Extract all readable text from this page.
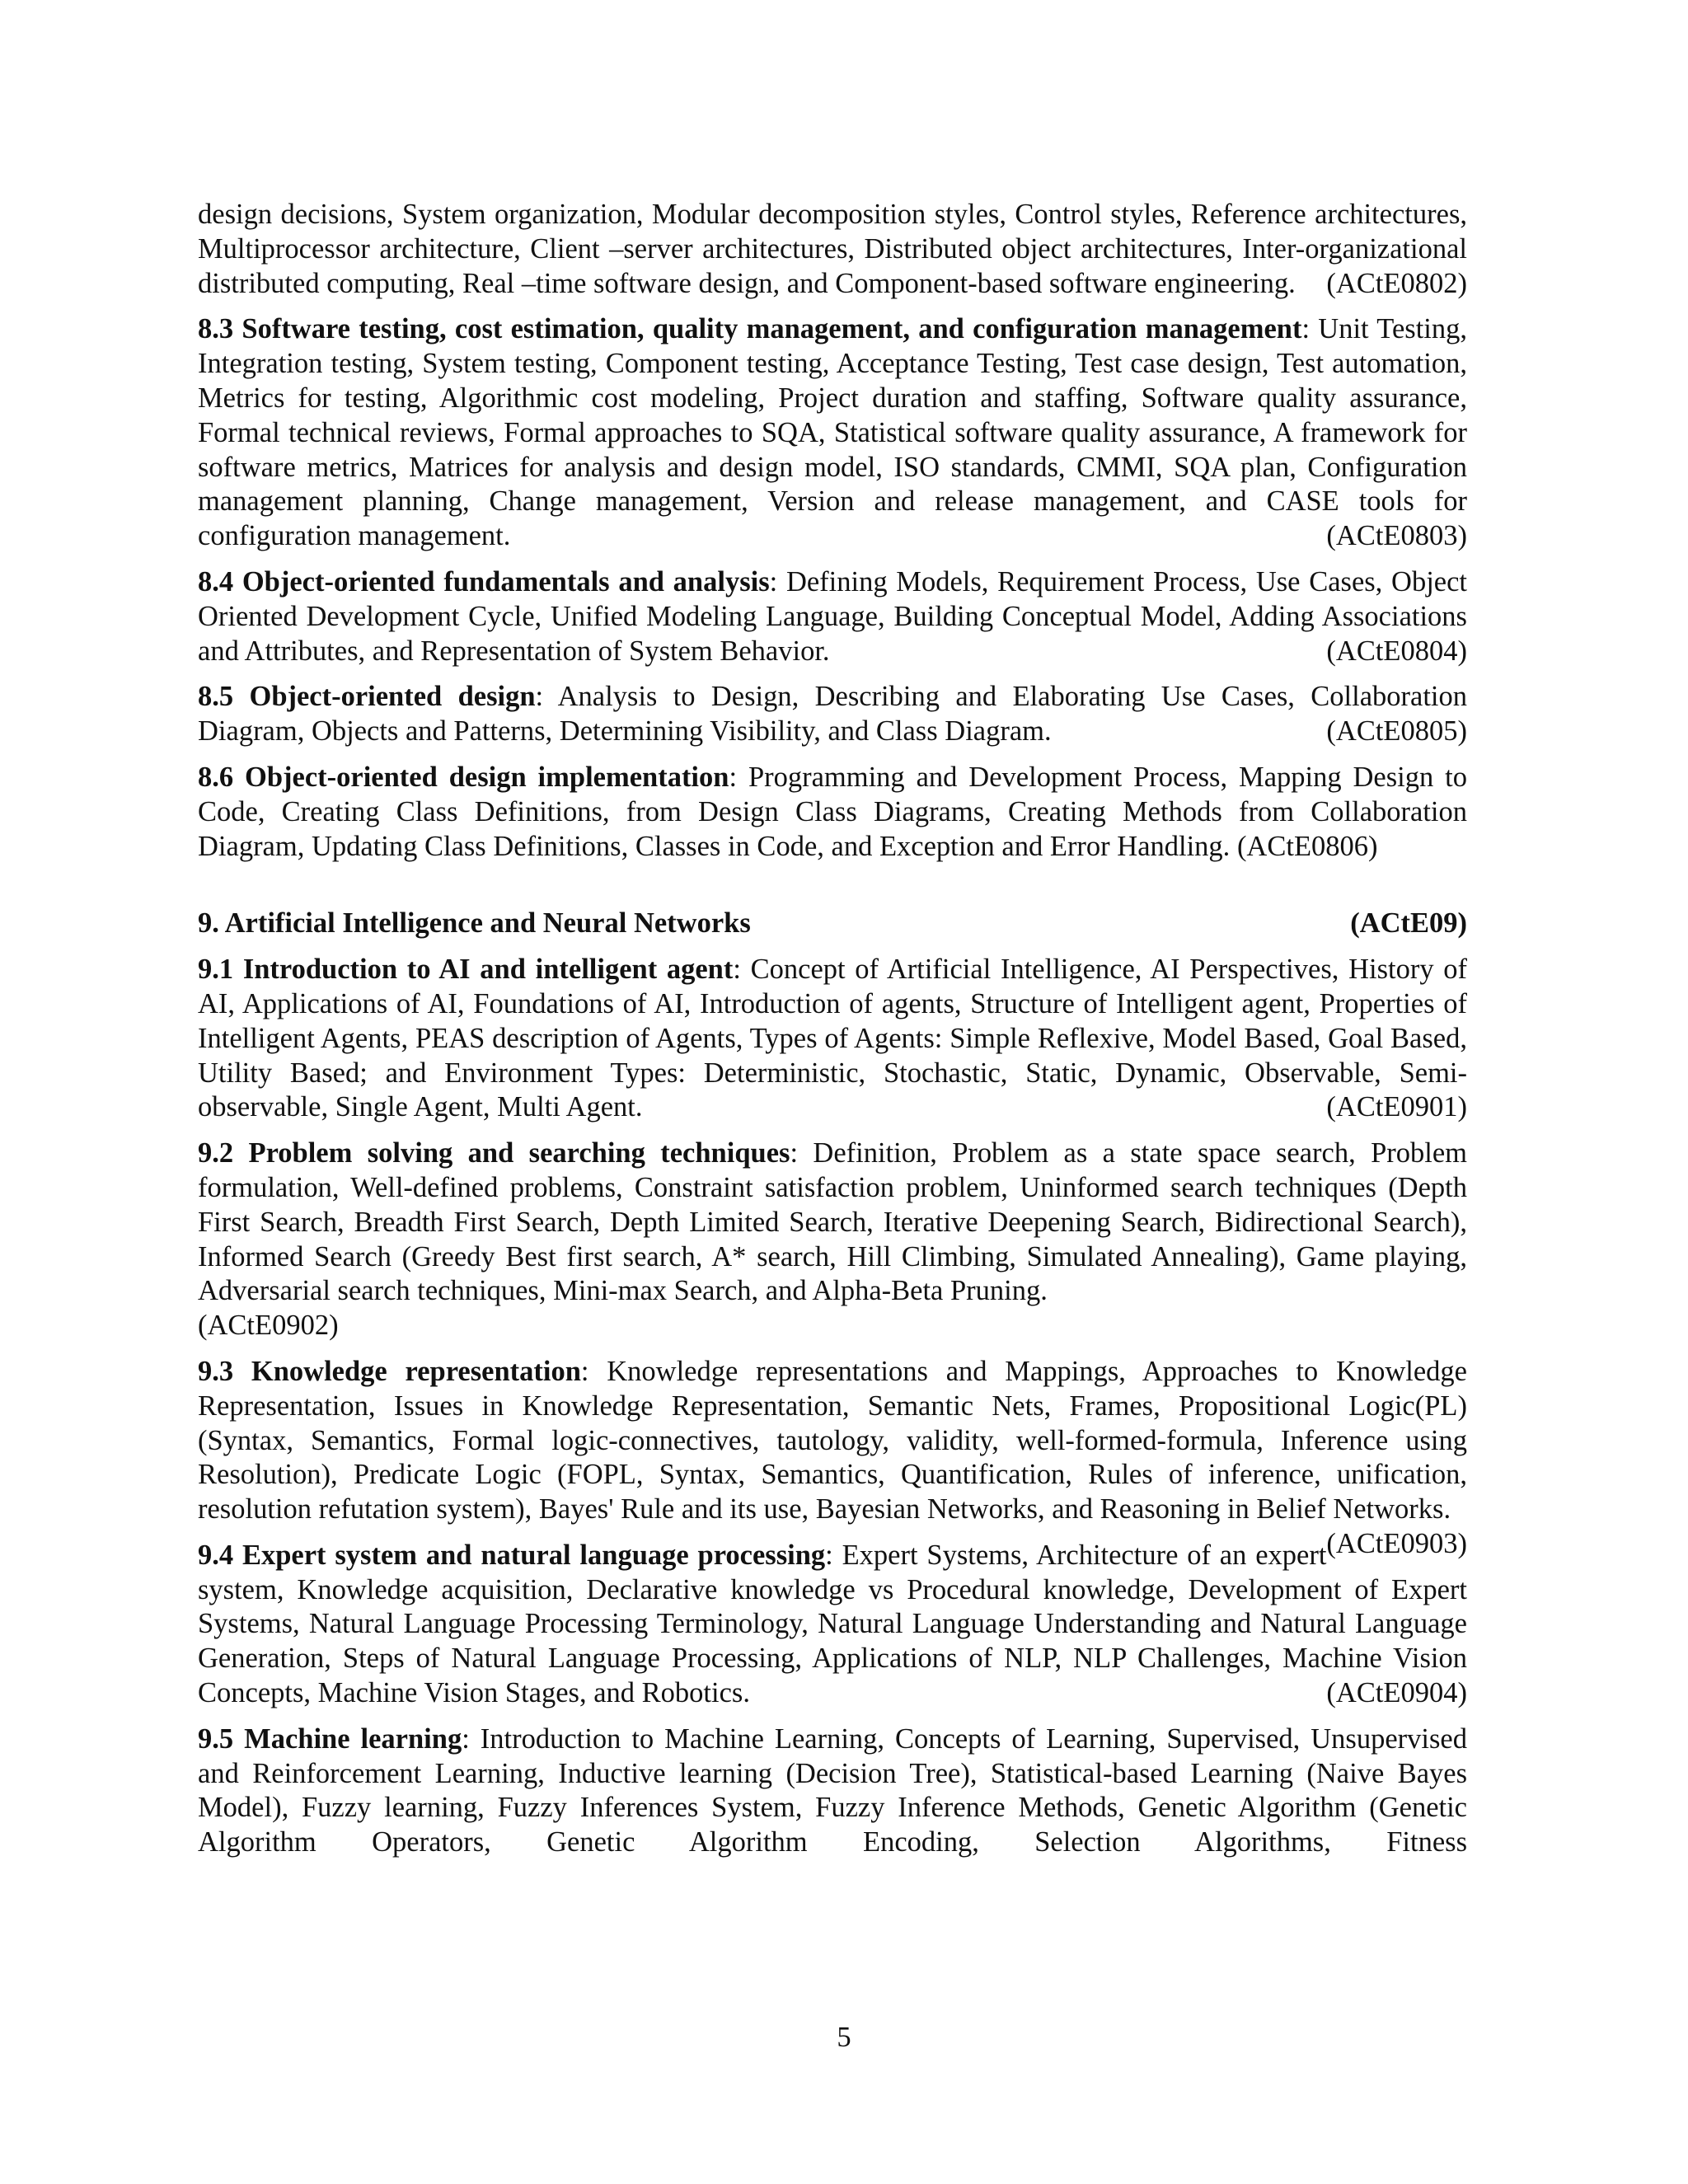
design decisions, System organization, Modular decomposition styles, Control styles, Reference architectures, Multiprocessor architecture, Client –server architectures, Distributed object architectures, Inter-organizational distributed computing, Real –time software design, and Component-based software engineering. (ACtE0802)

8.3 Software testing, cost estimation, quality management, and configuration management: Unit Testing, Integration testing, System testing, Component testing, Acceptance Testing, Test case design, Test automation, Metrics for testing, Algorithmic cost modeling, Project duration and staffing, Software quality assurance, Formal technical reviews, Formal approaches to SQA, Statistical software quality assurance, A framework for software metrics, Matrices for analysis and design model, ISO standards, CMMI, SQA plan, Configuration management planning, Change management, Version and release management, and CASE tools for configuration management.	(ACtE0803)

8.4 Object-oriented fundamentals and analysis: Defining Models, Requirement Process, Use Cases, Object Oriented Development Cycle, Unified Modeling Language, Building Conceptual Model, Adding Associations and Attributes, and Representation of System Behavior.	(ACtE0804)

8.5 Object-oriented design: Analysis to Design, Describing and Elaborating Use Cases, Collaboration Diagram, Objects and Patterns, Determining Visibility, and Class Diagram.	(ACtE0805)

8.6 Object-oriented design implementation: Programming and Development Process, Mapping Design to Code, Creating Class Definitions, from Design Class Diagrams, Creating Methods from Collaboration Diagram, Updating Class Definitions, Classes in Code, and Exception and Error Handling. (ACtE0806)

9. Artificial Intelligence and Neural Networks	(ACtE09)

9.1 Introduction to AI and intelligent agent: Concept of Artificial Intelligence, AI Perspectives, History of AI, Applications of AI, Foundations of AI, Introduction of agents, Structure of Intelligent agent, Properties of Intelligent Agents, PEAS description of Agents, Types of Agents: Simple Reflexive, Model Based, Goal Based, Utility Based; and Environment Types: Deterministic, Stochastic, Static, Dynamic, Observable, Semi-observable, Single Agent, Multi Agent.	(ACtE0901)

9.2 Problem solving and searching techniques: Definition, Problem as a state space search, Problem formulation, Well-defined problems, Constraint satisfaction problem, Uninformed search techniques (Depth First Search, Breadth First Search, Depth Limited Search, Iterative Deepening Search, Bidirectional Search), Informed Search (Greedy Best first search, A* search, Hill Climbing, Simulated Annealing), Game playing, Adversarial search techniques, Mini-max Search, and Alpha-Beta Pruning.
(ACtE0902)

9.3 Knowledge representation: Knowledge representations and Mappings, Approaches to Knowledge Representation, Issues in Knowledge Representation, Semantic Nets, Frames, Propositional Logic(PL) (Syntax, Semantics, Formal logic-connectives, tautology, validity, well-formed-formula, Inference using Resolution), Predicate Logic (FOPL, Syntax, Semantics, Quantification, Rules of inference, unification, resolution refutation system), Bayes' Rule and its use, Bayesian Networks, and Reasoning in Belief Networks.
(ACtE0903)

9.4 Expert system and natural language processing: Expert Systems, Architecture of an expert system, Knowledge acquisition, Declarative knowledge vs Procedural knowledge, Development of Expert Systems, Natural Language Processing Terminology, Natural Language Understanding and Natural Language Generation, Steps of Natural Language Processing, Applications of NLP, NLP Challenges, Machine Vision Concepts, Machine Vision Stages, and Robotics.	(ACtE0904)

9.5 Machine learning: Introduction to Machine Learning, Concepts of Learning, Supervised, Unsupervised and Reinforcement Learning, Inductive learning (Decision Tree), Statistical-based Learning (Naive Bayes Model), Fuzzy learning, Fuzzy Inferences System, Fuzzy Inference Methods, Genetic Algorithm (Genetic Algorithm Operators, Genetic Algorithm Encoding, Selection Algorithms, Fitness

5
